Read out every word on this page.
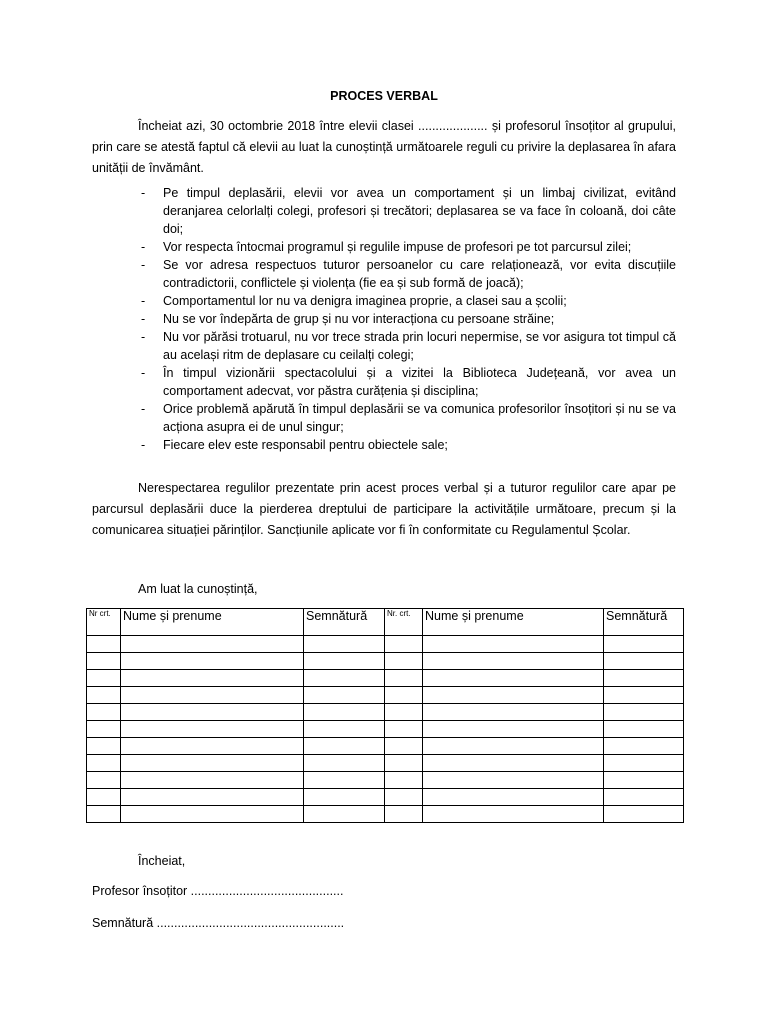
PROCES VERBAL

Încheiat azi, 30 octombrie 2018 între elevii clasei .................... și profesorul însoțitor al grupului, prin care se atestă faptul că elevii au luat la cunoștință următoarele reguli cu privire la deplasarea în afara unității de învământ.

- Pe timpul deplasării, elevii vor avea un comportament și un limbaj civilizat, evitând deranjarea celorlalți colegi, profesori și trecători; deplasarea se va face în coloană, doi câte doi;
- Vor respecta întocmai programul și regulile impuse de profesori pe tot parcursul zilei;
- Se vor adresa respectuos tuturor persoanelor cu care relaționează, vor evita discuțiile contradictorii, conflictele și violența (fie ea și sub formă de joacă);
- Comportamentul lor nu va denigra imaginea proprie, a clasei sau a școlii;
- Nu se vor îndepărta de grup și nu vor interacționa cu persoane străine;
- Nu vor părăsi trotuarul, nu vor trece strada prin locuri nepermise, se vor asigura tot timpul că au același ritm de deplasare cu ceilalți colegi;
- În timpul vizionării spectacolului și a vizitei la Biblioteca Județeană, vor avea un comportament adecvat, vor păstra curățenia și disciplina;
- Orice problemă apărută în timpul deplasării se va comunica profesorilor însoțitori și nu se va acționa asupra ei de unul singur;
- Fiecare elev este responsabil pentru obiectele sale;

Nerespectarea regulilor prezentate prin acest proces verbal și a tuturor regulilor care apar pe parcursul deplasării duce la pierderea dreptului de participare la activitățile următoare, precum și la comunicarea situației părinților. Sancțiunile aplicate vor fi în conformitate cu Regulamentul Școlar.

Am luat la cunoștință,
Nr crt.	Nume și prenume	Semnătură	Nr. crt.	Nume și prenume	Semnătură

Încheiat,
Profesor însoțitor ............................................
Semnătură ......................................................
